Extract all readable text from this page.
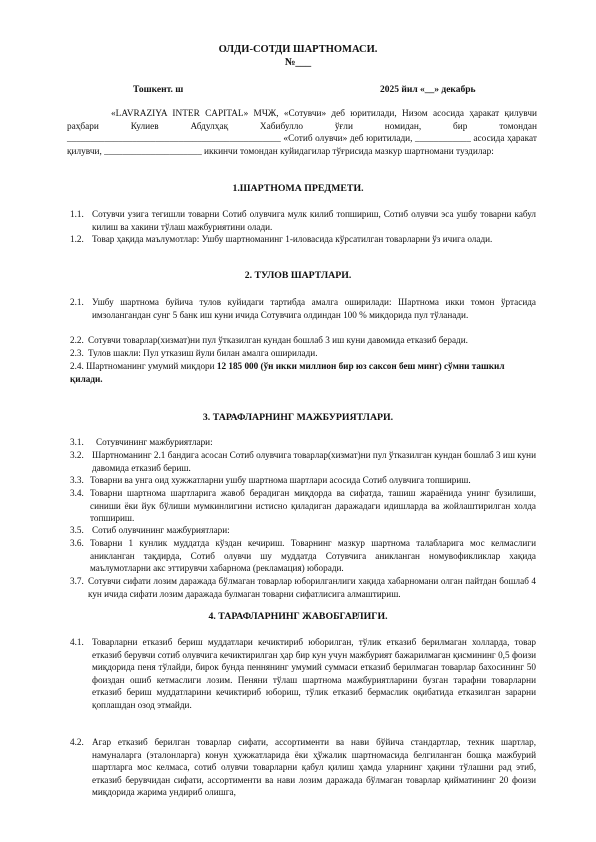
ОЛДИ-СОТДИ ШАРТНОМАСИ.
№___
Тошкент. ш	2025 йил «__» декабрь
«LAVRAZIYA INTER CAPITAL» МЧЖ, «Сотувчи» деб юритилади, Низом асосида ҳаракат қилувчи раҳбари Кулиев Абдулҳақ Хабибулло ўғли номидан, бир томондан ______________________________________________ «Сотиб олувчи» деб юритилади, ____________ асосида ҳаракат қилувчи, _____________________ иккинчи томондан куйидагилар тўғрисида мазкур шартномани туздилар:
1.ШАРТНОМА ПРЕДМЕТИ.
1.1. Сотувчи узига тегишли товарни Сотиб олувчига мулк килиб топшириш, Сотиб олувчи эса ушбу товарни кабул килиш ва хакини тўлаш мажбуриятини олади.
1.2. Товар ҳақида маълумотлар: Ушбу шартноманинг 1-иловасида кўрсатилган товарларни ўз ичига олади.
2. ТУЛОВ ШАРТЛАРИ.
2.1. Ушбу шартнома буйича тулов куйидаги тартибда амалга оширилади: Шартнома икки томон ўртасида имзолангандан сунг 5 банк иш куни ичида Сотувчига олдиндан 100 % микдорида пул тўланади.
2.2. Сотувчи товарлар(хизмат)ни пул ўтказилган кундан бошлаб 3 иш куни давомида етказиб беради.
2.3. Тулов шакли: Пул утказиш йули билан амалга оширилади.
2.4. Шартноманинг умумий миқдори 12 185 000 (ўн икки миллион бир юз саксон беш минг) сўмни ташкил қилади.
3. ТАРАФЛАРНИНГ МАЖБУРИЯТЛАРИ.
3.1.	Сотувчининг мажбуриятлари:
3.2. Шартноманинг 2.1 бандига асосан Сотиб олувчига товарлар(хизмат)ни пул ўтказилган кундан бошлаб 3 иш куни давомида етказиб бериш.
3.3. Товарни ва унга оид хужжатларни ушбу шартнома шартлари асосида Сотиб олувчига топшириш.
3.4. Товарни шартнома шартларига жавоб берадиган миқдорда ва сифатда, ташиш жараёнида унинг бузилиши, синиши ёки йук бўлиши мумкинлигини истисно қиладиган даражадаги идишларда ва жойлаштирилган холда топшириш.
3.5. Сотиб олувчининг мажбуриятлари:
3.6. Товарни 1 кунлик муддатда кўздан кечириш. Товарнинг мазкур шартнома талабларига мос келмаслиги аникланган тақдирда, Сотиб олувчи шу муддатда Сотувчига аникланган номувофикликлар хақида маълумотларни акс эттирувчи хабарнома (рекламация) юборади.
3.7. Сотувчи сифати лозим даражада бўлмаган товарлар юборилганлиги хақида хабарномани олган пайтдан бошлаб 4 кун ичида сифати лозим даражада булмаган товарни сифатлисига алмаштириш.
4. ТАРАФЛАРНИНГ ЖАВОБГАРЛИГИ.
4.1. Товарларни етказиб бериш муддатлари кечиктириб юборилган, тўлик етказиб берилмаган холларда, товар етказиб берувчи сотиб олувчига кечиктирилган ҳар бир кун учун мажбурият бажарилмаган қисмининг 0,5 фоизи миқдорида пеня тўлайди, бирок бунда пеннянинг умумий суммаси етказиб берилмаган товарлар бахосининг 50 фоиздан ошиб кетмаслиги лозим. Пеняни тўлаш шартнома мажбуриятларини бузган тарафни товарларни етказиб бериш муддатларини кечиктириб юбориш, тўлик етказиб бермаслик оқибатида етказилган зарарни қоплашдан озод этмайди.
4.2. Агар етказиб берилган товарлар сифати, ассортименти ва нави бўйича стандартлар, техник шартлар, намуналарга (эталонларга) конун ҳужжатларида ёки ҳўжалик шартномасида белгиланган бошқа мажбурий шартларга мос келмаса, сотиб олувчи товарларни қабул қилиш ҳамда уларнинг ҳақини тўлашни рад этиб, етказиб берувчидан сифати, ассортименти ва нави лозим даражада бўлмаган товарлар қийматининг 20 фоизи миқдорида жарима ундириб олишга,
